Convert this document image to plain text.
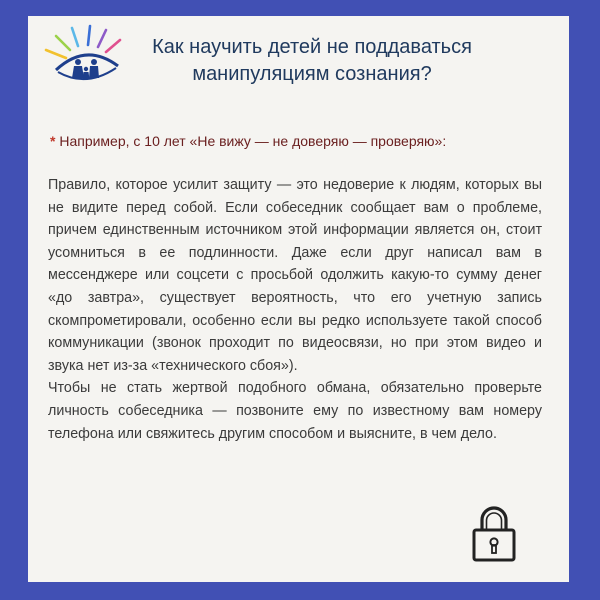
Как научить детей не поддаваться
манипуляциям сознания?
* Например, с 10 лет «Не вижу — не доверяю — проверяю»:

Правило, которое усилит защиту — это недоверие к людям, которых вы не видите перед собой. Если собеседник сообщает вам о проблеме, причем единственным источником этой информации является он, стоит усомниться в ее подлинности. Даже если друг написал вам в мессенджере или соцсети с просьбой одолжить какую-то сумму денег «до завтра», существует вероятность, что его учетную запись скомпрометировали, особенно если вы редко используете такой способ коммуникации (звонок проходит по видеосвязи, но при этом видео и звука нет из-за «технического сбоя»).

Чтобы не стать жертвой подобного обмана, обязательно проверьте личность собеседника — позвоните ему по известному вам номеру телефона или свяжитесь другим способом и выясните, в чем дело.
